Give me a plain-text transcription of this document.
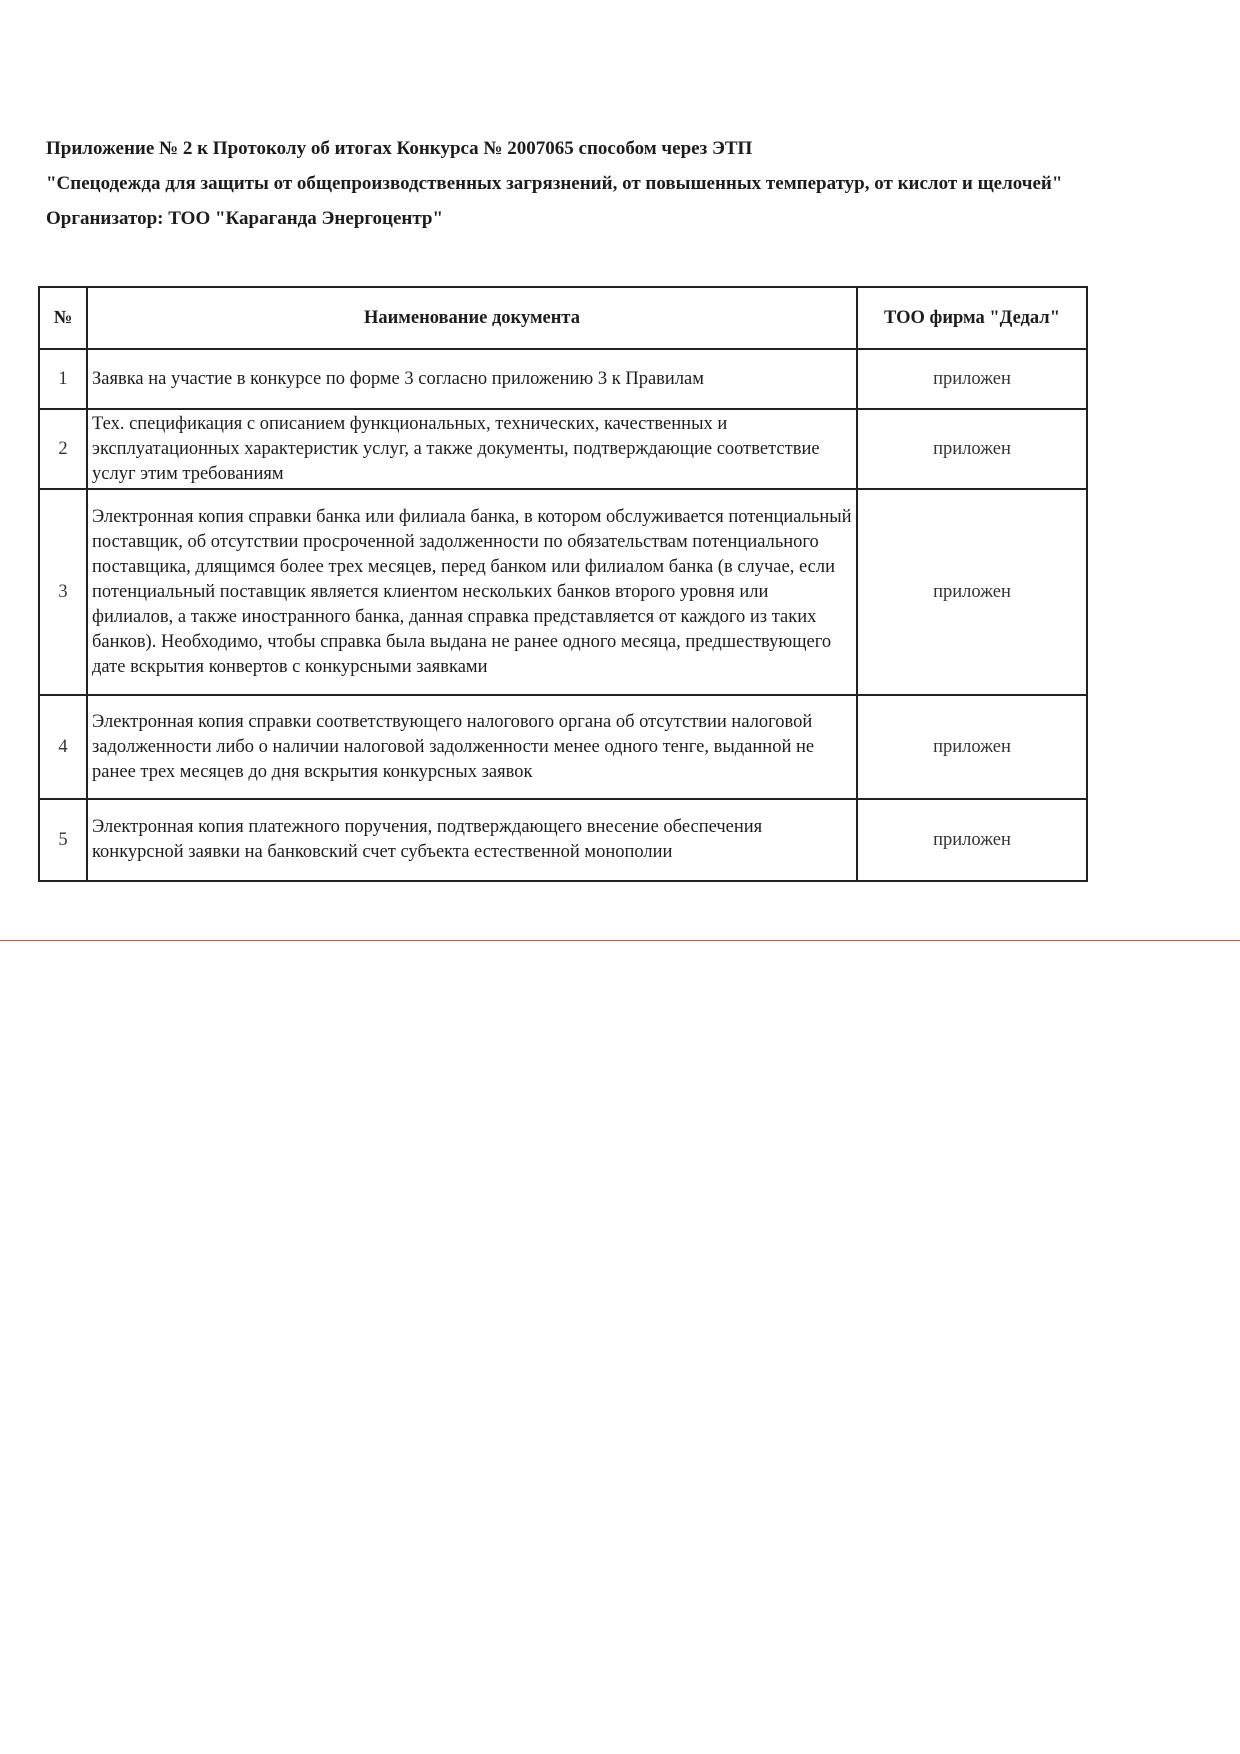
Приложение № 2 к Протоколу об итогах Конкурса № 2007065 способом через ЭТП
"Спецодежда для защиты от общепроизводственных загрязнений, от повышенных температур, от кислот и щелочей"
Организатор: ТОО "Караганда Энергоцентр"
№	Наименование документа	ТОО фирма "Дедал"
1	Заявка на участие в конкурсе по форме 3 согласно приложению 3 к Правилам	приложен
2	Тех. спецификация с описанием функциональных, технических, качественных и эксплуатационных характеристик услуг, а также документы, подтверждающие соответствие услуг этим требованиям	приложен
3	Электронная копия справки банка или филиала банка, в котором обслуживается потенциальный поставщик, об отсутствии просроченной задолженности по обязательствам потенциального поставщика, длящимся более трех месяцев, перед банком или филиалом банка (в случае, если потенциальный поставщик является клиентом нескольких банков второго уровня или филиалов, а также иностранного банка, данная справка представляется от каждого из таких банков). Необходимо, чтобы справка была выдана не ранее одного месяца, предшествующего дате вскрытия конвертов с конкурсными заявками	приложен
4	Электронная копия справки соответствующего налогового органа об отсутствии налоговой задолженности либо о наличии налоговой задолженности менее одного тенге, выданной не ранее трех месяцев до дня вскрытия конкурсных заявок	приложен
5	Электронная копия платежного поручения, подтверждающего внесение обеспечения конкурсной заявки на банковский счет субъекта естественной монополии	приложен
